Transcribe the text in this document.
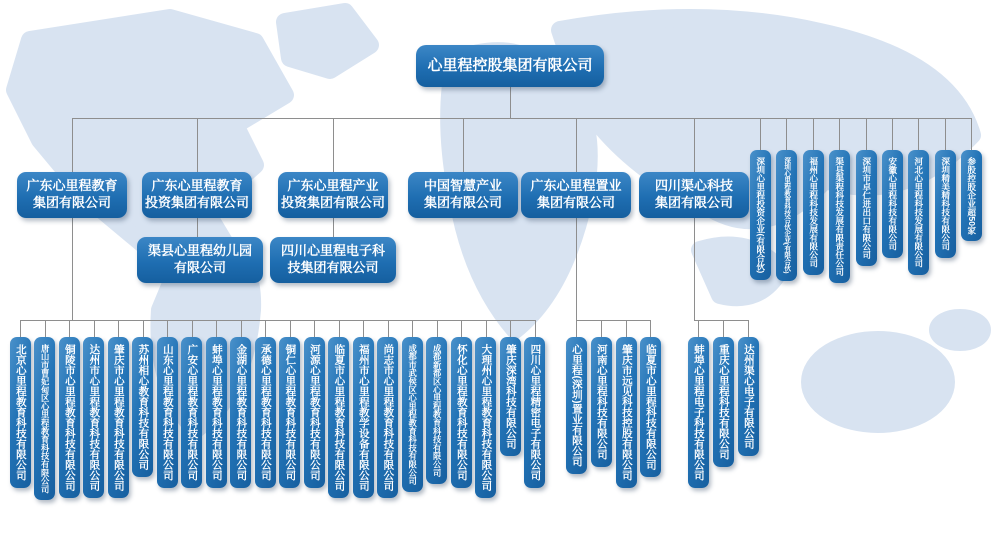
心里程控股集团有限公司
广东心里程教育
集团有限公司
广东心里程教育
投资集团有限公司
广东心里程产业
投资集团有限公司
中国智慧产业
集团有限公司
广东心里程置业
集团有限公司
四川渠心科技
集团有限公司
渠县心里程幼儿园
有限公司
四川心里程电子科
技集团有限公司	深圳心里程投资企业(有限合伙)	深圳心里程教育科技合伙企业(有限合伙)	福州心里程科技发展有限公司	渠县渠程科技发展有限责任公司	深圳市卓仁进出口有限公司	安徽心里程科技有限公司	河北心里程科技发展有限公司	深圳精美精科技有限公司	参股控股企业超50家
北京心里程教育科技有限公司	唐山市曹妃甸区心里程教育科技有限公司	铜陵市心里程教育科技有限公司	达州市心里程教育科技有限公司	肇庆市心里程教育科技有限公司	苏州相心教育科技有限公司	山东心里程教育科技有限公司	广安心里程教育科技有限公司	蚌埠心里程教育科技有限公司	金湖心里程教育科技有限公司	承德心里程教育科技有限公司	铜仁心里程教育科技有限公司	河源心里程教育科技有限公司	临夏市心里程教育科技有限公司	福州市心里程教学设备有限公司	尚志市心里程教育科技有限公司	成都市武侯区心里程教育科技有限公司	成都新都区心里程教育科技有限公司	怀化心里程教育科技有限公司	大理州心里程教育科技有限公司	肇庆深湾科技有限公司	四川心里程精密电子有限公司	心里程(深圳)置业有限公司	河南心里程科技有限公司	肇庆市远见科技控股有限公司	临夏市心里程科技有限公司	蚌埠心里程电子科技有限公司	重庆心里程科技有限公司	达州渠心电子有限公司
